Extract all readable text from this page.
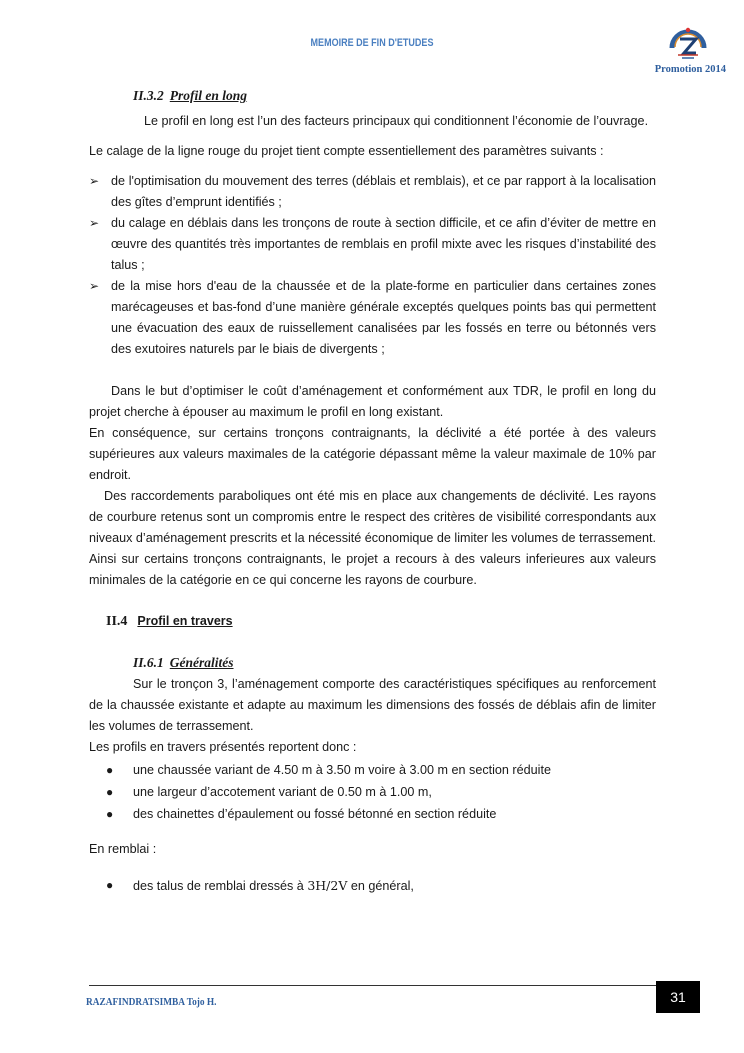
MEMOIRE DE FIN D'ETUDES
Promotion 2014
II.3.2 Profil en long

Le profil en long est l’un des facteurs principaux qui conditionnent l’économie de l’ouvrage.

Le calage de la ligne rouge du projet tient compte essentiellement des paramètres suivants :

➢ de l'optimisation du mouvement des terres (déblais et remblais), et ce par rapport à la localisation des gîtes d’emprunt identifiés ;
➢ du calage en déblais dans les tronçons de route à section difficile, et ce afin d’éviter de mettre en œuvre des quantités très importantes de remblais en profil mixte avec les risques d’instabilité des talus ;
➢ de la mise hors d'eau de la chaussée et de la plate-forme en particulier dans certaines zones marécageuses et bas-fond d’une manière générale exceptés quelques points bas qui permettent une évacuation des eaux de ruissellement canalisées par les fossés en terre ou bétonnés vers des exutoires naturels par le biais de divergents ;

Dans le but d’optimiser le coût d’aménagement et conformément aux TDR, le profil en long du projet cherche à épouser au maximum le profil en long existant.

En conséquence, sur certains tronçons contraignants, la déclivité a été portée à des valeurs supérieures aux valeurs maximales de la catégorie dépassant même la valeur maximale de 10% par endroit.

Des raccordements paraboliques ont été mis en place aux changements de déclivité. Les rayons de courbure retenus sont un compromis entre le respect des critères de visibilité correspondants aux niveaux d’aménagement prescrits et la nécessité économique de limiter les volumes de terrassement. Ainsi sur certains tronçons contraignants, le projet a recours à des valeurs inferieures aux valeurs minimales de la catégorie en ce qui concerne les rayons de courbure.

II.4 Profil en travers
II.6.1 Généralités

Sur le tronçon 3, l’aménagement comporte des caractéristiques spécifiques au renforcement de la chaussée existante et adapte au maximum les dimensions des fossés de déblais afin de limiter les volumes de terrassement.

Les profils en travers présentés reportent donc :

● une chaussée variant de 4.50 m à 3.50 m voire à 3.00 m en section réduite
● une largeur d’accotement variant de 0.50 m à 1.00 m,
● des chainettes d’épaulement ou fossé bétonné en section réduite

En remblai :

● des talus de remblai dressés à 3H/2V en général,
RAZAFINDRATSIMBA Tojo H.	31
